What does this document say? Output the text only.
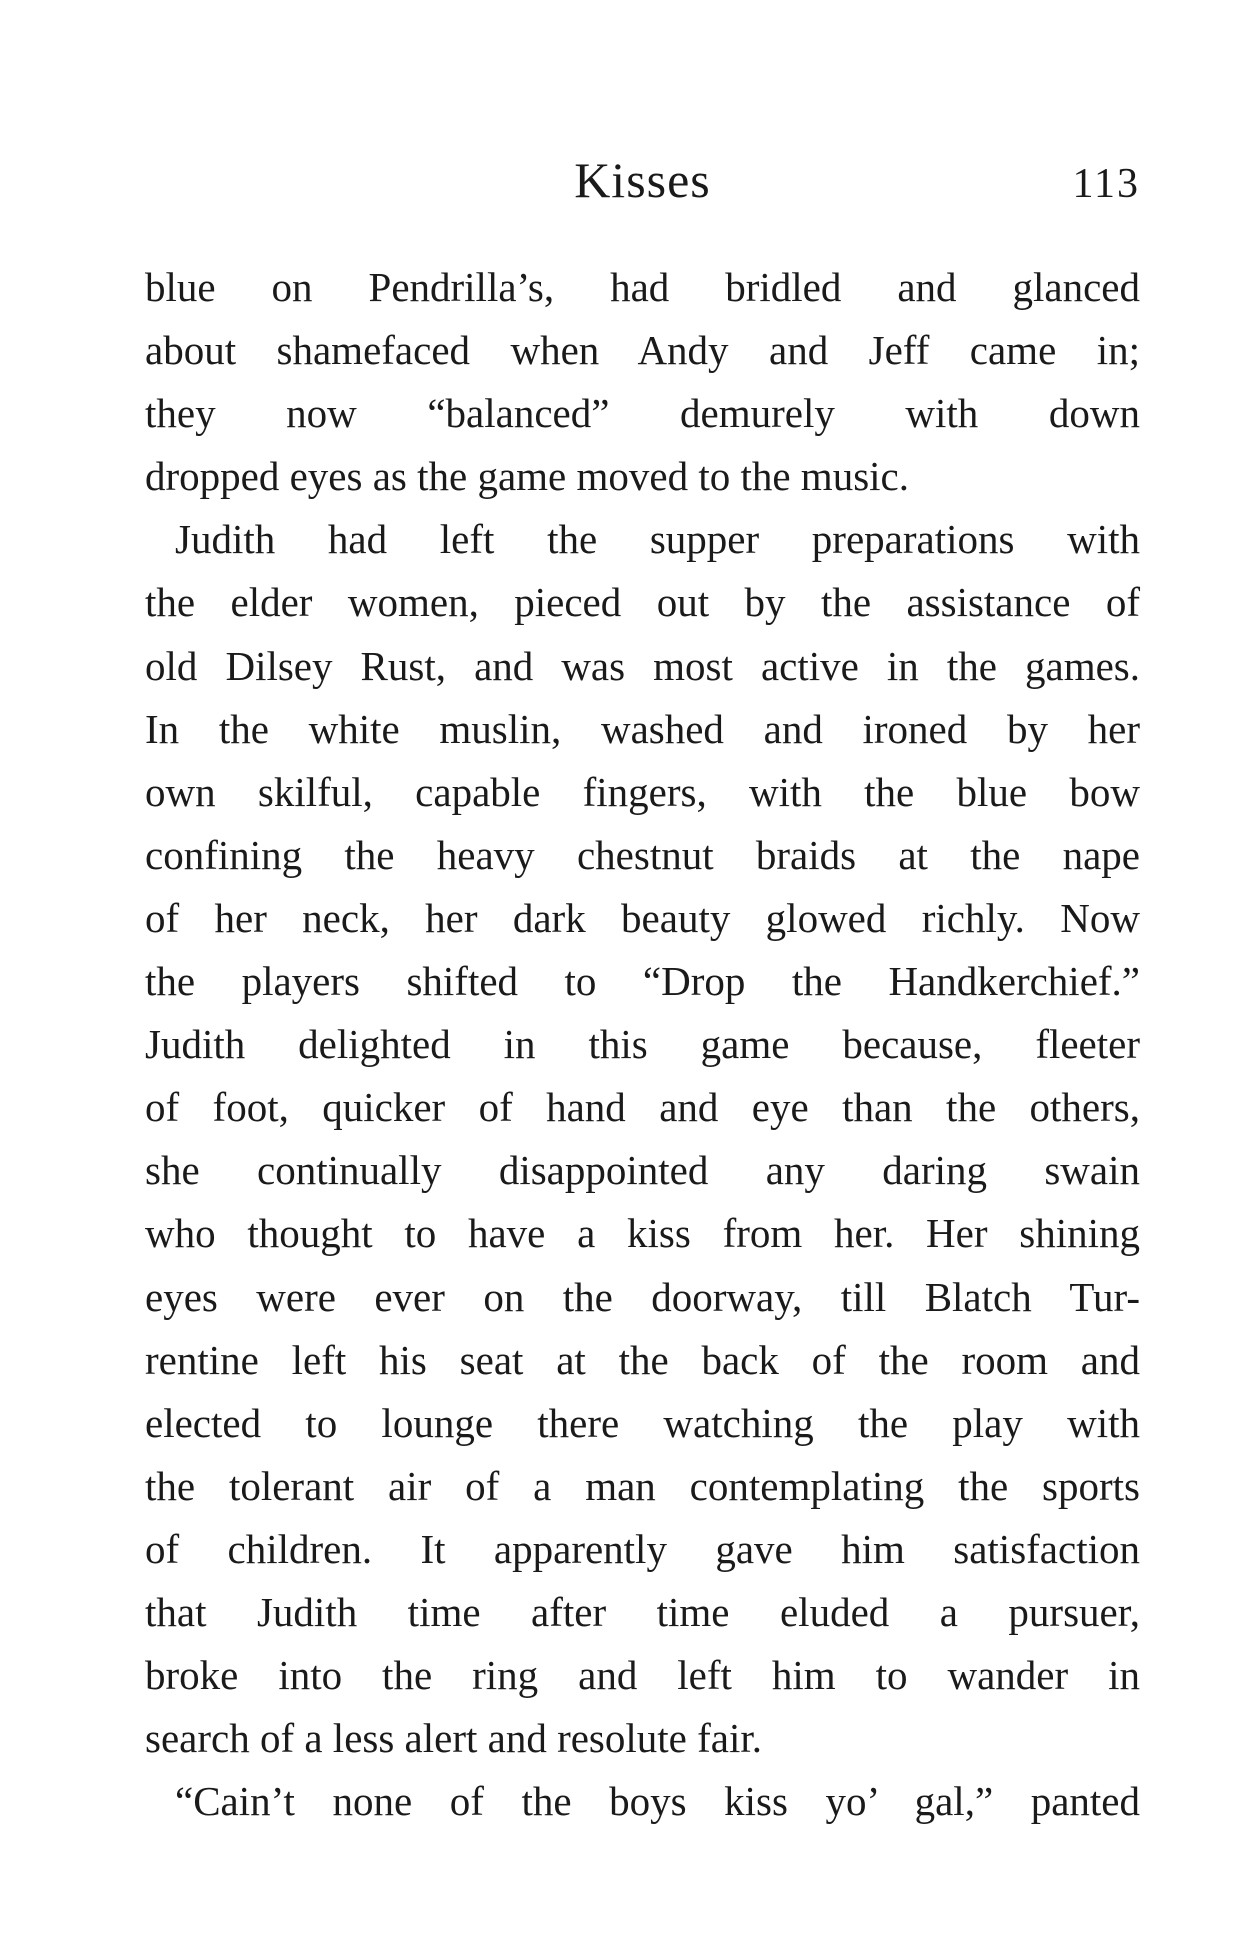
Kisses	113
blue on Pendrilla’s, had bridled and glanced
about shamefaced when Andy and Jeff came in;
they now “balanced” demurely with down
dropped eyes as the game moved to the music.
Judith had left the supper preparations with
the elder women, pieced out by the assistance of
old Dilsey Rust, and was most active in the games.
In the white muslin, washed and ironed by her
own skilful, capable fingers, with the blue bow
confining the heavy chestnut braids at the nape
of her neck, her dark beauty glowed richly. Now
the players shifted to “Drop the Handkerchief.”
Judith delighted in this game because, fleeter
of foot, quicker of hand and eye than the others,
she continually disappointed any daring swain
who thought to have a kiss from her. Her shining
eyes were ever on the doorway, till Blatch Tur-
rentine left his seat at the back of the room and
elected to lounge there watching the play with
the tolerant air of a man contemplating the sports
of children. It apparently gave him satisfaction
that Judith time after time eluded a pursuer,
broke into the ring and left him to wander in
search of a less alert and resolute fair.
“Cain’t none of the boys kiss yo’ gal,” panted
